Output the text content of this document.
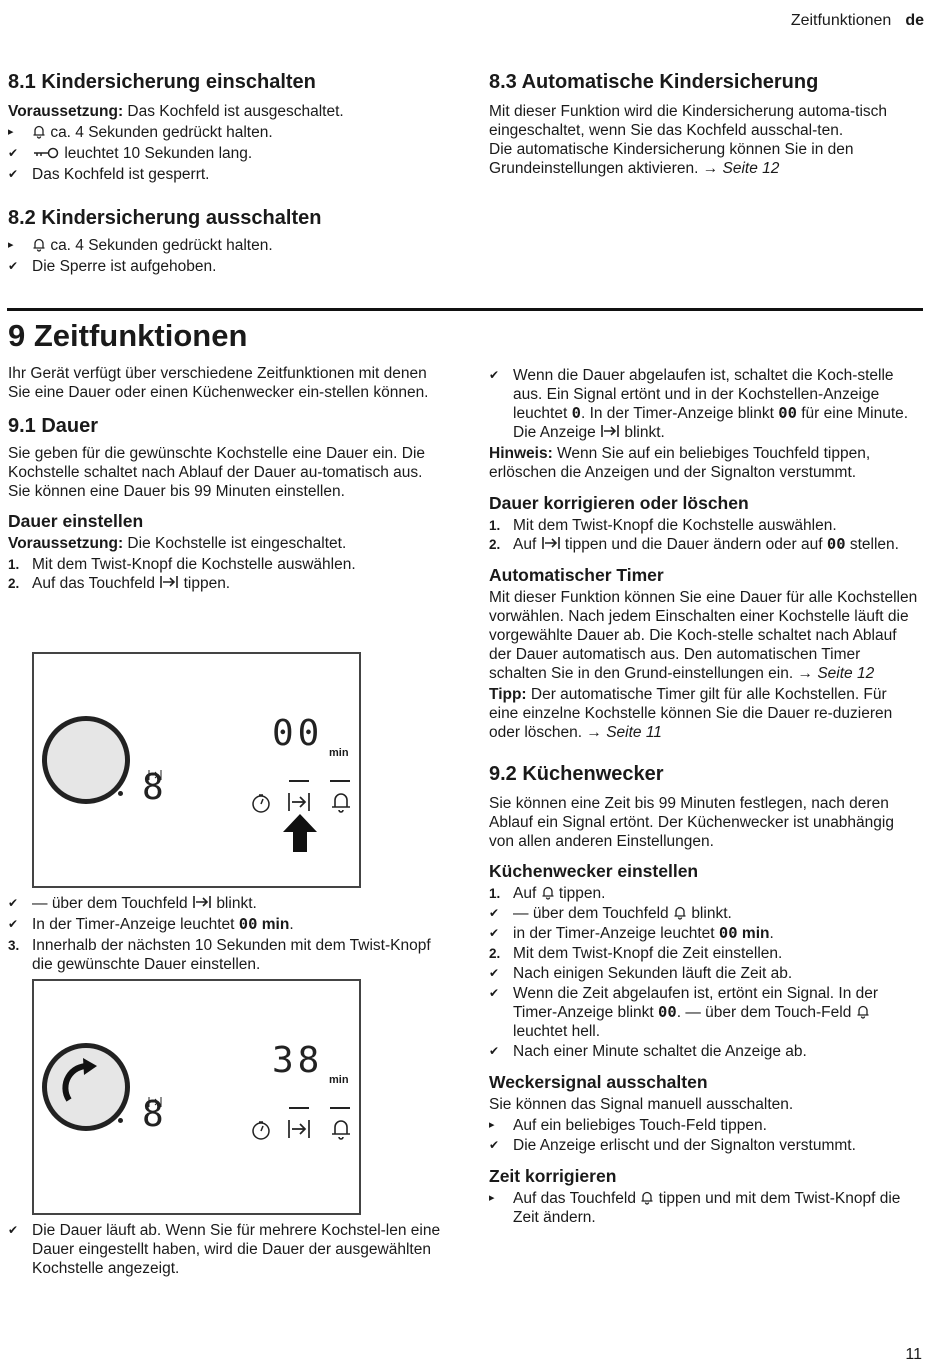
Zeitfunktionen de
8.1 Kindersicherung einschalten

Voraussetzung: Das Kochfeld ist ausgeschaltet.

▸	ca. 4 Sekunden gedrückt halten.
✔	leuchtet 10 Sekunden lang.
✔ Das Kochfeld ist gesperrt.
8.2 Kindersicherung ausschalten
▸	ca. 4 Sekunden gedrückt halten.
✔ Die Sperre ist aufgehoben.
8.3 Automatische Kindersicherung

Mit dieser Funktion wird die Kindersicherung automa-tisch eingeschaltet, wenn Sie das Kochfeld ausschal-ten.

Die automatische Kindersicherung können Sie in den Grundeinstellungen aktivieren. → Seite 12

9 Zeitfunktionen

Ihr Gerät verfügt über verschiedene Zeitfunktionen mit denen Sie eine Dauer oder einen Küchenwecker ein-stellen können.

9.1 Dauer

Sie geben für die gewünschte Kochstelle eine Dauer ein. Die Kochstelle schaltet nach Ablauf der Dauer au-tomatisch aus.

Sie können eine Dauer bis 99 Minuten einstellen.

Dauer einstellen

Voraussetzung: Die Kochstelle ist eingeschaltet.

1. Mit dem Twist-Knopf die Kochstelle auswählen.
2. Auf das Touchfeld tippen.
8
00 min
✔ — über dem Touchfeld blinkt.
✔ In der Timer-Anzeige leuchtet 00 min.
3. Innerhalb der nächsten 10 Sekunden mit dem Twist-Knopf die gewünschte Dauer einstellen.
8
38 min
✔ Die Dauer läuft ab. Wenn Sie für mehrere Kochstel-len eine Dauer eingestellt haben, wird die Dauer der ausgewählten Kochstelle angezeigt.
✔ Wenn die Dauer abgelaufen ist, schaltet die Koch-stelle aus. Ein Signal ertönt und in der Kochstellen-Anzeige leuchtet 0. In der Timer-Anzeige blinkt 00 für eine Minute. Die Anzeige blinkt.

Hinweis: Wenn Sie auf ein beliebiges Touchfeld tippen, erlöschen die Anzeigen und der Signalton verstummt.

Dauer korrigieren oder löschen
1. Mit dem Twist-Knopf die Kochstelle auswählen.
2. Auf tippen und die Dauer ändern oder auf 00 stellen.
Automatischer Timer

Mit dieser Funktion können Sie eine Dauer für alle Kochstellen vorwählen. Nach jedem Einschalten einer Kochstelle läuft die vorgewählte Dauer ab. Die Koch-stelle schaltet nach Ablauf der Dauer automatisch aus. Den automatischen Timer schalten Sie in den Grund-einstellungen ein. → Seite 12

Tipp: Der automatische Timer gilt für alle Kochstellen. Für eine einzelne Kochstelle können Sie die Dauer re-duzieren oder löschen. → Seite 11

9.2 Küchenwecker

Sie können eine Zeit bis 99 Minuten festlegen, nach deren Ablauf ein Signal ertönt. Der Küchenwecker ist unabhängig von allen anderen Einstellungen.

Küchenwecker einstellen
1. Auf tippen.
✔ — über dem Touchfeld blinkt.
✔ in der Timer-Anzeige leuchtet 00 min.
2. Mit dem Twist-Knopf die Zeit einstellen.
✔ Nach einigen Sekunden läuft die Zeit ab.
✔ Wenn die Zeit abgelaufen ist, ertönt ein Signal. In der Timer-Anzeige blinkt 00. — über dem Touch-Feld  leuchtet hell.
✔ Nach einer Minute schaltet die Anzeige ab.
Weckersignal ausschalten

Sie können das Signal manuell ausschalten.

▸	Auf ein beliebiges Touch-Feld tippen.
✔ Die Anzeige erlischt und der Signalton verstummt.
Zeit korrigieren
▸	Auf das Touchfeld tippen und mit dem Twist-Knopf die Zeit ändern.
11
